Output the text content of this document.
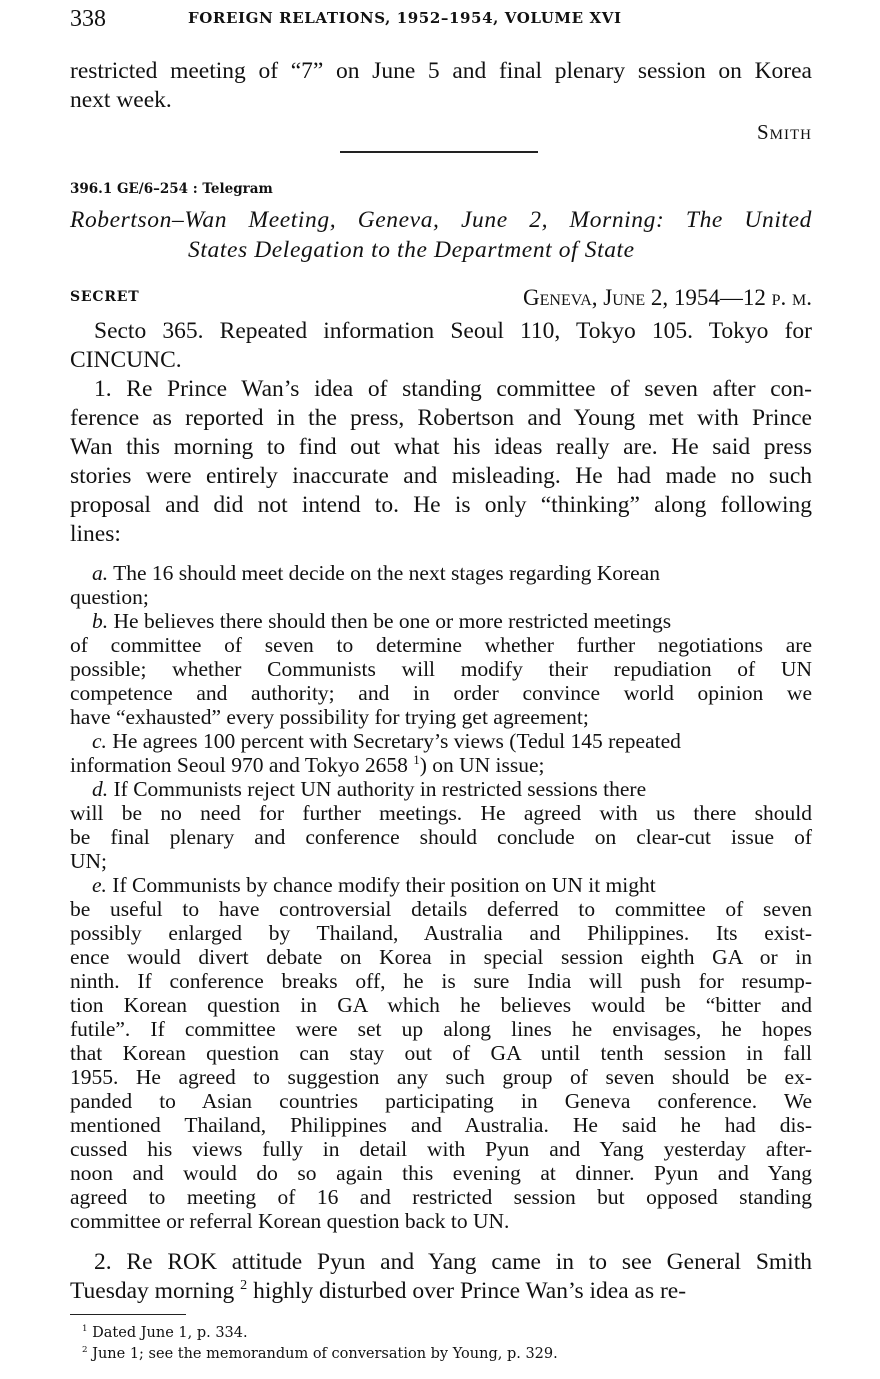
338	FOREIGN RELATIONS, 1952–1954, VOLUME XVI
restricted meeting of “7” on June 5 and final plenary session on Korea
next week.
Smith
396.1 GE/6–254 : Telegram
Robertson–Wan Meeting, Geneva, June 2, Morning: The United
States Delegation to the Department of State
SECRET	Geneva, June 2, 1954—12 p. m.
Secto 365. Repeated information Seoul 110, Tokyo 105. Tokyo for
CINCUNC.
1. Re Prince Wan’s idea of standing committee of seven after con-
ference as reported in the press, Robertson and Young met with Prince
Wan this morning to find out what his ideas really are. He said press
stories were entirely inaccurate and misleading. He had made no such
proposal and did not intend to. He is only “thinking” along following
lines:
a. The 16 should meet decide on the next stages regarding Korean
question;
b. He believes there should then be one or more restricted meetings
of committee of seven to determine whether further negotiations are
possible; whether Communists will modify their repudiation of UN
competence and authority; and in order convince world opinion we
have “exhausted” every possibility for trying get agreement;
c. He agrees 100 percent with Secretary’s views (Tedul 145 repeated
information Seoul 970 and Tokyo 2658 $^1$) on UN issue;
d. If Communists reject UN authority in restricted sessions there
will be no need for further meetings. He agreed with us there should
be final plenary and conference should conclude on clear-cut issue of
UN;
e. If Communists by chance modify their position on UN it might
be useful to have controversial details deferred to committee of seven
possibly enlarged by Thailand, Australia and Philippines. Its exist-
ence would divert debate on Korea in special session eighth GA or in
ninth. If conference breaks off, he is sure India will push for resump-
tion Korean question in GA which he believes would be “bitter and
futile”. If committee were set up along lines he envisages, he hopes
that Korean question can stay out of GA until tenth session in fall
1955. He agreed to suggestion any such group of seven should be ex-
panded to Asian countries participating in Geneva conference. We
mentioned Thailand, Philippines and Australia. He said he had dis-
cussed his views fully in detail with Pyun and Yang yesterday after-
noon and would do so again this evening at dinner. Pyun and Yang
agreed to meeting of 16 and restricted session but opposed standing
committee or referral Korean question back to UN.
2. Re ROK attitude Pyun and Yang came in to see General Smith
Tuesday morning $^2$ highly disturbed over Prince Wan’s idea as re-
$^1$ Dated June 1, p. 334.
$^2$ June 1; see the memorandum of conversation by Young, p. 329.
